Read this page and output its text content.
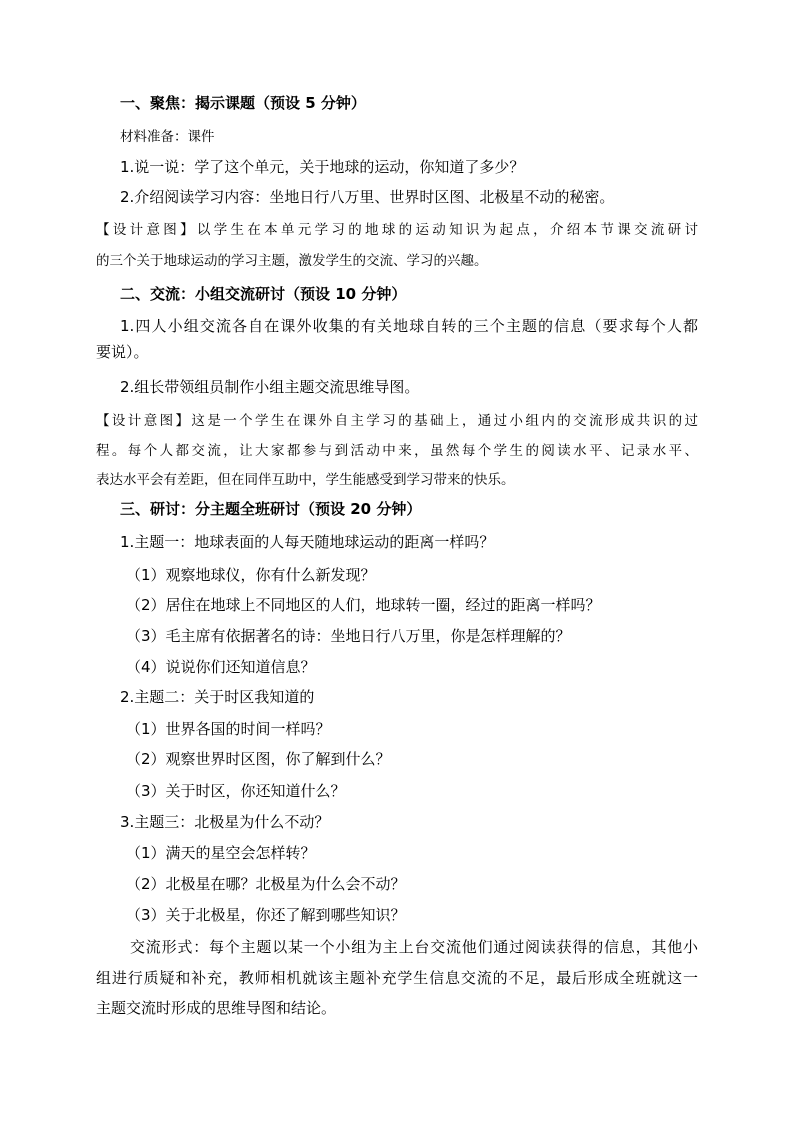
一、聚焦：揭示课题（预设 5 分钟）
材料准备：课件
1.说一说：学了这个单元，关于地球的运动，你知道了多少？
2.介绍阅读学习内容：坐地日行八万里、世界时区图、北极星不动的秘密。
【设计意图】以学生在本单元学习的地球的运动知识为起点，介绍本节课交流研讨
的三个关于地球运动的学习主题，激发学生的交流、学习的兴趣。
二、交流：小组交流研讨（预设 10 分钟）
1.四人小组交流各自在课外收集的有关地球自转的三个主题的信息（要求每个人都
要说）。
2.组长带领组员制作小组主题交流思维导图。
【设计意图】这是一个学生在课外自主学习的基础上，通过小组内的交流形成共识的过
程。每个人都交流，让大家都参与到活动中来，虽然每个学生的阅读水平、记录水平、
表达水平会有差距，但在同伴互助中，学生能感受到学习带来的快乐。
三、研讨：分主题全班研讨（预设 20 分钟）
1.主题一：地球表面的人每天随地球运动的距离一样吗？
（1）观察地球仪，你有什么新发现？
（2）居住在地球上不同地区的人们，地球转一圈，经过的距离一样吗？
（3）毛主席有依据著名的诗：坐地日行八万里，你是怎样理解的？
（4）说说你们还知道信息？
2.主题二：关于时区我知道的
（1）世界各国的时间一样吗？
（2）观察世界时区图，你了解到什么？
（3）关于时区，你还知道什么？
3.主题三：北极星为什么不动？
（1）满天的星空会怎样转？
（2）北极星在哪？北极星为什么会不动？
（3）关于北极星，你还了解到哪些知识？
交流形式：每个主题以某一个小组为主上台交流他们通过阅读获得的信息，其他小
组进行质疑和补充，教师相机就该主题补充学生信息交流的不足，最后形成全班就这一
主题交流时形成的思维导图和结论。
